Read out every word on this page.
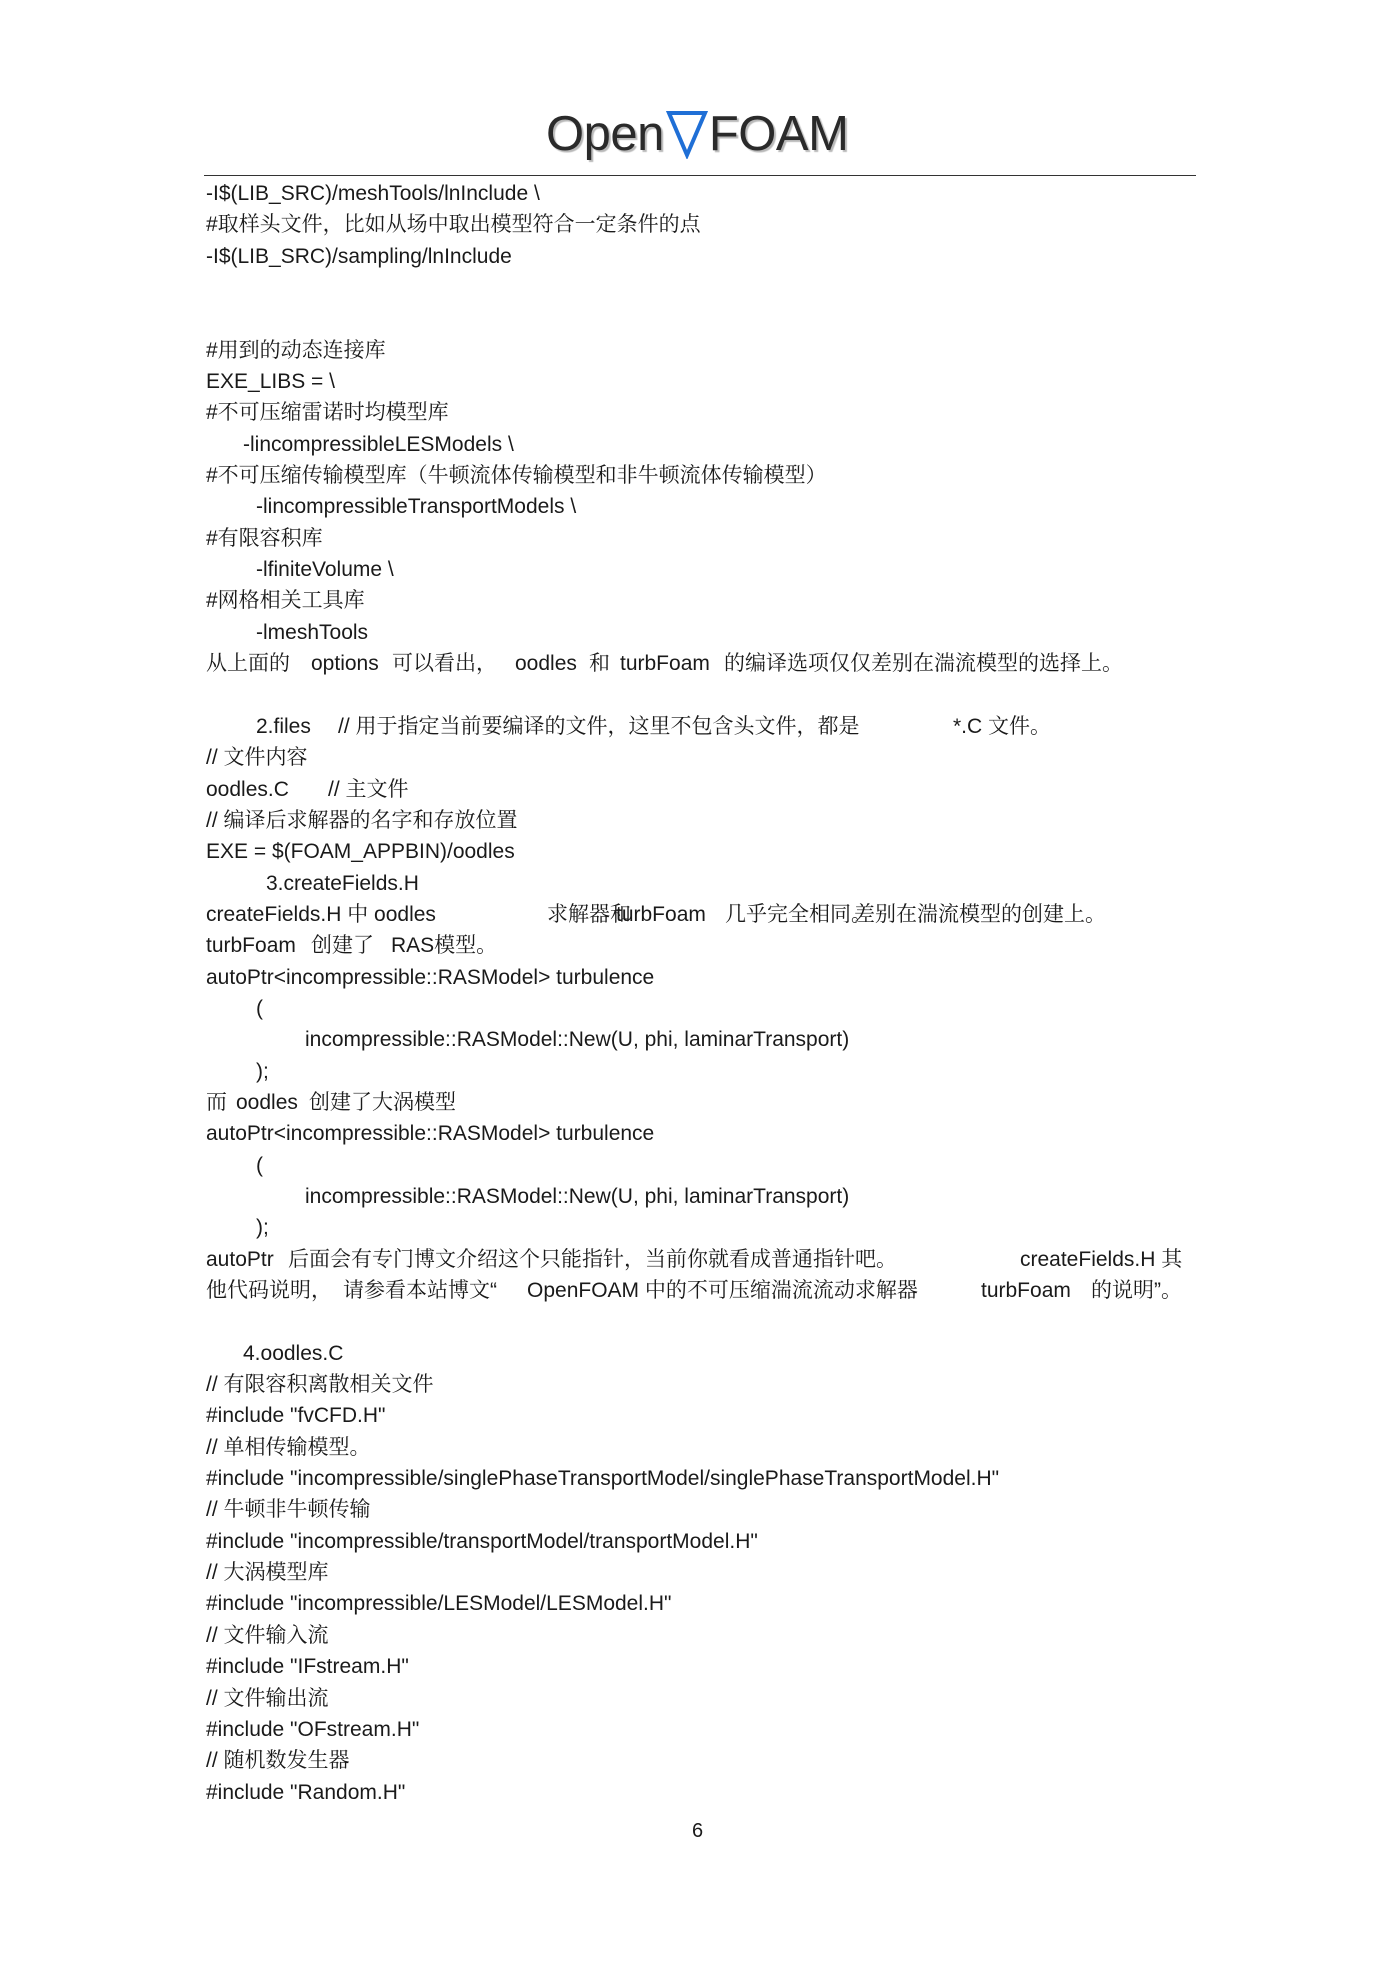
Open FOAM
-I$(LIB_SRC)/meshTools/lnInclude \
#取样头文件，比如从场中取出模型符合一定条件的点
-I$(LIB_SRC)/sampling/lnInclude
#用到的动态连接库
EXE_LIBS = \
#不可压缩雷诺时均模型库
-lincompressibleLESModels \
#不可压缩传输模型库（牛顿流体传输模型和非牛顿流体传输模型）
-lincompressibleTransportModels \
#有限容积库
-lfiniteVolume \
#网格相关工具库
-lmeshTools
从上面的 options 可以看出， oodles 和 turbFoam 的编译选项仅仅差别在湍流模型的选择上。
2.files // 用于指定当前要编译的文件，这里不包含头文件，都是	*.C 文件。
// 文件内容
oodles.C // 主文件
// 编译后求解器的名字和存放位置
EXE = $(FOAM_APPBIN)/oodles
3.createFields.H
createFields.H 中 oodles	求解器和
turbFoam 几乎完全相同。
差别在湍流模型的创建上。
turbFoam 创建了 RAS模型。
autoPtr<incompressible::RASModel> turbulence
(
incompressible::RASModel::New(U, phi, laminarTransport)
);
而 oodles 创建了大涡模型
autoPtr<incompressible::RASModel> turbulence
(
incompressible::RASModel::New(U, phi, laminarTransport)
);
autoPtr 后面会有专门博文介绍这个只能指针，当前你就看成普通指针吧。	createFields.H 其
他代码说明， 请参看本站博文“ OpenFOAM 中的不可压缩湍流流动求解器	turbFoam 的说明”。
4.oodles.C
// 有限容积离散相关文件
#include "fvCFD.H"
// 单相传输模型。
#include "incompressible/singlePhaseTransportModel/singlePhaseTransportModel.H"
// 牛顿非牛顿传输
#include "incompressible/transportModel/transportModel.H"
// 大涡模型库
#include "incompressible/LESModel/LESModel.H"
// 文件输入流
#include "IFstream.H"
// 文件输出流
#include "OFstream.H"
// 随机数发生器
#include "Random.H"
6
